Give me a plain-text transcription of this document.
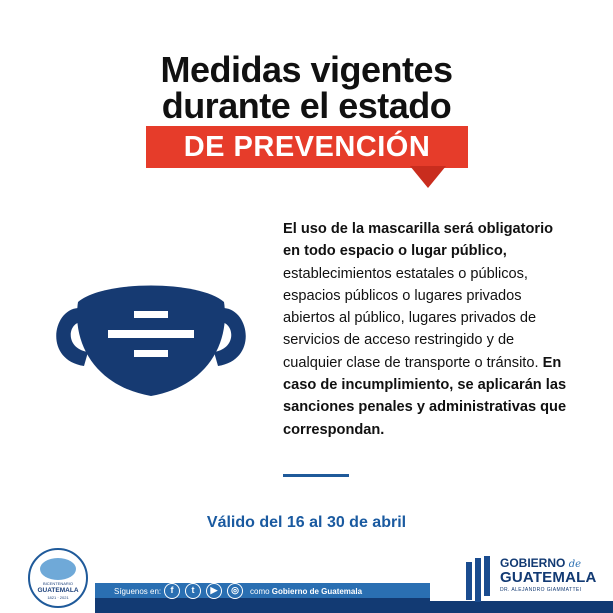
Medidas vigentes
durante el estado
DE PREVENCIÓN
El uso de la mascarilla será obligatorio en todo espacio o lugar público, establecimientos estatales o públicos, espacios públicos o lugares privados abiertos al público, lugares privados de servicios de acceso restringido y de cualquier clase de transporte o tránsito. En caso de incumplimiento, se aplicarán las sanciones penales y administrativas que correspondan.
Válido del 16 al 30 de abril
BICENTENARIO
GUATEMALA
1821 · 2021
Síguenos en:	f	t	▶	◎	como Gobierno de Guatemala
GOBIERNO de
GUATEMALA
DR. ALEJANDRO GIAMMATTEI
